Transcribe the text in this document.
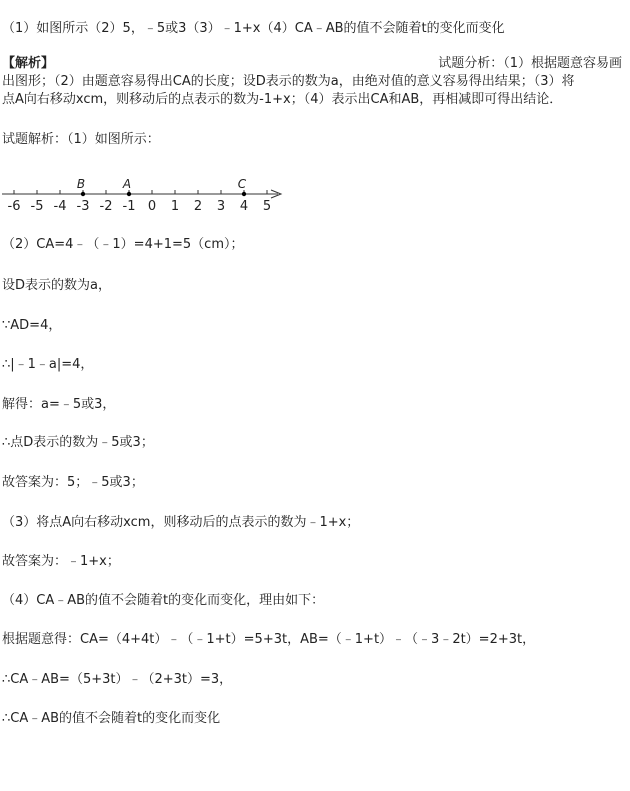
（1）如图所示（2）5，﹣5或3（3）﹣1+x（4）CA﹣AB的值不会随着t的变化而变化
【解析】	试题分析：（1）根据题意容易画
出图形；（2）由题意容易得出CA的长度；设D表示的数为a，由绝对值的意义容易得出结果；（3）将
点A向右移动xcm，则移动后的点表示的数为-1+x；（4）表示出CA和AB，再相减即可得出结论．
试题解析：（1）如图所示：
-6 -5 -4 -3 -2 -1 0 1 2 3 4 5
B	A	C
（2）CA=4﹣（﹣1）=4+1=5（cm）；
设D表示的数为a，
∵AD=4，
∴|﹣1﹣a|=4，
解得：a=﹣5或3，
∴点D表示的数为﹣5或3；
故答案为：5；﹣5或3；
（3）将点A向右移动xcm，则移动后的点表示的数为﹣1+x；
故答案为：﹣1+x；
（4）CA﹣AB的值不会随着t的变化而变化，理由如下：
根据题意得：CA=（4+4t）﹣（﹣1+t）=5+3t，AB=（﹣1+t）﹣（﹣3﹣2t）=2+3t，
∴CA﹣AB=（5+3t）﹣（2+3t）=3，
∴CA﹣AB的值不会随着t的变化而变化
